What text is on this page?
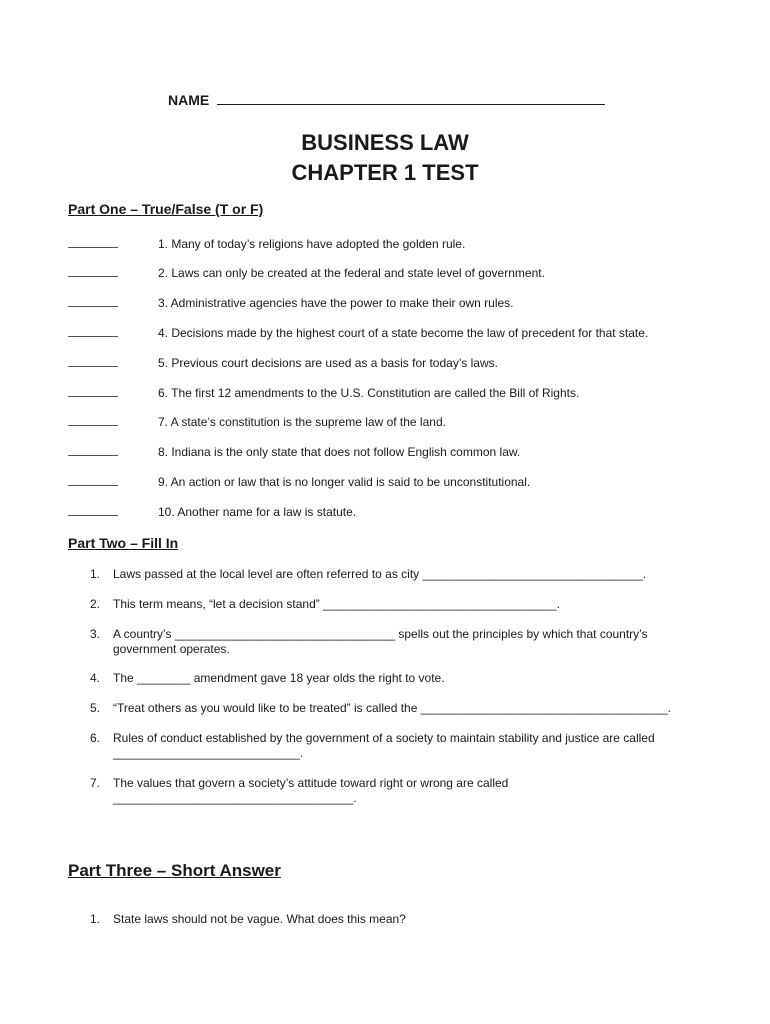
NAME
BUSINESS LAW
CHAPTER 1 TEST
Part One – True/False (T or F)
1. Many of today’s religions have adopted the golden rule.
2. Laws can only be created at the federal and state level of government.
3. Administrative agencies have the power to make their own rules.
4. Decisions made by the highest court of a state become the law of precedent for that state.
5. Previous court decisions are used as a basis for today’s laws.
6. The first 12 amendments to the U.S. Constitution are called the Bill of Rights.
7. A state’s constitution is the supreme law of the land.
8. Indiana is the only state that does not follow English common law.
9. An action or law that is no longer valid is said to be unconstitutional.
10. Another name for a law is statute.
Part Two – Fill In
1. Laws passed at the local level are often referred to as city _________________________________.
2. This term means, “let a decision stand” ___________________________________.
3. A country’s _________________________________ spells out the principles by which that country’s
government operates.
4. The ________ amendment gave 18 year olds the right to vote.
5. “Treat others as you would like to be treated” is called the _____________________________________.
6. Rules of conduct established by the government of a society to maintain stability and justice are called
____________________________.
7. The values that govern a society’s attitude toward right or wrong are called
____________________________________.
Part Three – Short Answer
1. State laws should not be vague. What does this mean?
